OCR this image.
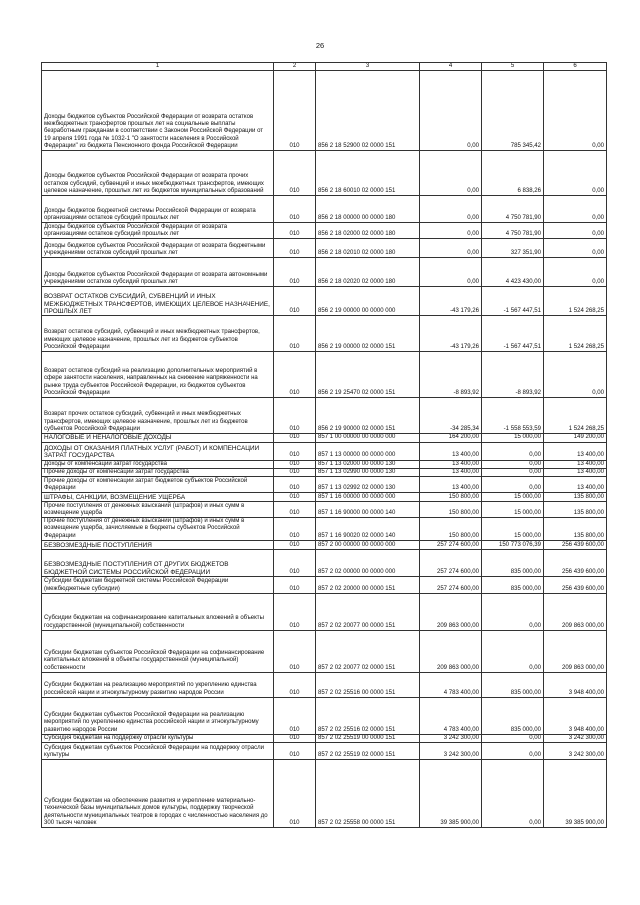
26
1	2	3	4	5	6
Доходы бюджетов субъектов Российской Федерации от возврата остатков межбюджетных трансфертов прошлых лет на социальные выплаты безработным гражданам в соответствии с Законом Российской Федерации от 19 апреля 1991 года № 1032-1 "О занятости населения в Российской Федерации" из бюджета Пенсионного фонда Российской Федерации	010	856 2 18 52900 02 0000 151	0,00	785 345,42	0,00
Доходы бюджетов субъектов Российской Федерации от возврата прочих остатков субсидий, субвенций и иных межбюджетных трансфертов, имеющих целевое назначение, прошлых лет из бюджетов муниципальных образований	010	856 2 18 60010 02 0000 151	0,00	6 838,26	0,00
Доходы бюджетов бюджетной системы Российской Федерации от возврата организациями остатков субсидий прошлых лет	010	856 2 18 00000 00 0000 180	0,00	4 750 781,90	0,00
Доходы бюджетов субъектов Российской Федерации от возврата организациями остатков субсидий прошлых лет	010	856 2 18 02000 02 0000 180	0,00	4 750 781,90	0,00
Доходы бюджетов субъектов Российской Федерации от возврата бюджетными учреждениями остатков субсидий прошлых лет	010	856 2 18 02010 02 0000 180	0,00	327 351,90	0,00
Доходы бюджетов субъектов Российской Федерации от возврата автономными учреждениями остатков субсидий прошлых лет	010	856 2 18 02020 02 0000 180	0,00	4 423 430,00	0,00
ВОЗВРАТ ОСТАТКОВ СУБСИДИЙ, СУБВЕНЦИЙ И ИНЫХ МЕЖБЮДЖЕТНЫХ ТРАНСФЕРТОВ, ИМЕЮЩИХ ЦЕЛЕВОЕ НАЗНАЧЕНИЕ, ПРОШЛЫХ ЛЕТ	010	856 2 19 00000 00 0000 000	-43 179,26	-1 567 447,51	1 524 268,25
Возврат остатков субсидий, субвенций и иных межбюджетных трансфертов, имеющих целевое назначение, прошлых лет из бюджетов субъектов Российской Федерации	010	856 2 19 00000 02 0000 151	-43 179,26	-1 567 447,51	1 524 268,25
Возврат остатков субсидий на реализацию дополнительных мероприятий в сфере занятости населения, направленных на снижение напряженности на рынке труда субъектов Российской Федерации, из бюджетов субъектов Российской Федерации	010	856 2 19 25470 02 0000 151	-8 893,92	-8 893,92	0,00
Возврат прочих остатков субсидий, субвенций и иных межбюджетных трансфертов, имеющих целевое назначение, прошлых лет из бюджетов субъектов Российской Федерации	010	856 2 19 90000 02 0000 151	-34 285,34	-1 558 553,59	1 524 268,25
НАЛОГОВЫЕ И НЕНАЛОГОВЫЕ ДОХОДЫ	010	857 1 00 00000 00 0000 000	164 200,00	15 000,00	149 200,00
ДОХОДЫ ОТ ОКАЗАНИЯ ПЛАТНЫХ УСЛУГ (РАБОТ) И КОМПЕНСАЦИИ ЗАТРАТ ГОСУДАРСТВА	010	857 1 13 00000 00 0000 000	13 400,00	0,00	13 400,00
Доходы от компенсации затрат государства	010	857 1 13 02000 00 0000 130	13 400,00	0,00	13 400,00
Прочие доходы от компенсации затрат государства	010	857 1 13 02990 00 0000 130	13 400,00	0,00	13 400,00
Прочие доходы от компенсации затрат бюджетов субъектов Российской Федерации	010	857 1 13 02992 02 0000 130	13 400,00	0,00	13 400,00
ШТРАФЫ, САНКЦИИ, ВОЗМЕЩЕНИЕ УЩЕРБА	010	857 1 16 00000 00 0000 000	150 800,00	15 000,00	135 800,00
Прочие поступления от денежных взысканий (штрафов) и иных сумм в возмещение ущерба	010	857 1 16 90000 00 0000 140	150 800,00	15 000,00	135 800,00
Прочие поступления от денежных взысканий (штрафов) и иных сумм в возмещение ущерба, зачисляемые в бюджеты субъектов Российской Федерации	010	857 1 16 90020 02 0000 140	150 800,00	15 000,00	135 800,00
БЕЗВОЗМЕЗДНЫЕ ПОСТУПЛЕНИЯ	010	857 2 00 00000 00 0000 000	257 274 600,00	150 773 076,39	256 439 600,00
БЕЗВОЗМЕЗДНЫЕ ПОСТУПЛЕНИЯ ОТ ДРУГИХ БЮДЖЕТОВ БЮДЖЕТНОЙ СИСТЕМЫ РОССИЙСКОЙ ФЕДЕРАЦИИ	010	857 2 02 00000 00 0000 000	257 274 600,00	835 000,00	256 439 600,00
Субсидии бюджетам бюджетной системы Российской Федерации (межбюджетные субсидии)	010	857 2 02 20000 00 0000 151	257 274 600,00	835 000,00	256 439 600,00
Субсидии бюджетам на софинансирование капитальных вложений в объекты государственной (муниципальной) собственности	010	857 2 02 20077 00 0000 151	209 863 000,00	0,00	209 863 000,00
Субсидии бюджетам субъектов Российской Федерации на софинансирование капитальных вложений в объекты государственной (муниципальной) собственности	010	857 2 02 20077 02 0000 151	209 863 000,00	0,00	209 863 000,00
Субсидии бюджетам на реализацию мероприятий по укреплению единства российской нации и этнокультурному развитию народов России	010	857 2 02 25516 00 0000 151	4 783 400,00	835 000,00	3 948 400,00
Субсидии бюджетам субъектов Российской Федерации на реализацию мероприятий по укреплению единства российской нации и этнокультурному развитию народов России	010	857 2 02 25516 02 0000 151	4 783 400,00	835 000,00	3 948 400,00
Субсидия бюджетам на поддержку отрасли культуры	010	857 2 02 25519 00 0000 151	3 242 300,00	0,00	3 242 300,00
Субсидия бюджетам субъектов Российской Федерации на поддержку отрасли культуры	010	857 2 02 25519 02 0000 151	3 242 300,00	0,00	3 242 300,00
Субсидии бюджетам на обеспечение развития и укрепление материально-технической базы муниципальных домов культуры, поддержку творческой деятельности муниципальных театров в городах с численностью населения до 300 тысяч человек	010	857 2 02 25558 00 0000 151	39 385 900,00	0,00	39 385 900,00
